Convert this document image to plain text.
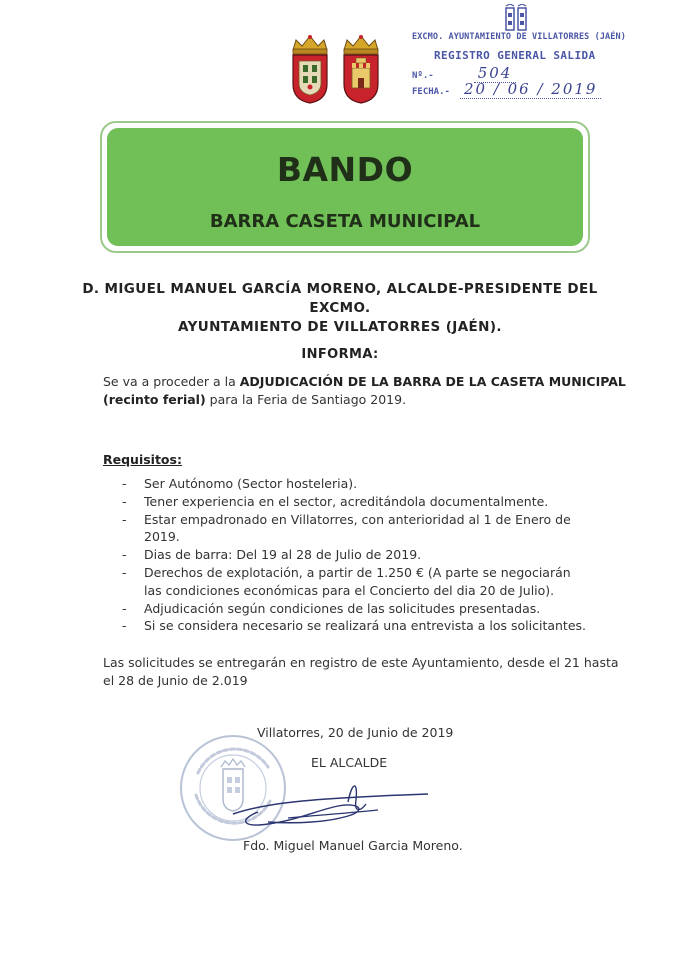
EXCMO. AYUNTAMIENTO DE VILLATORRES (JAÉN)
REGISTRO GENERAL SALIDA
Nº.-	504
FECHA.- 20 / 06 / 2019
BANDO
BARRA CASETA MUNICIPAL
D. MIGUEL MANUEL GARCÍA MORENO, ALCALDE-PRESIDENTE DEL EXCMO.
AYUNTAMIENTO DE VILLATORRES (JAÉN).
INFORMA:
Se va a proceder a la ADJUDICACIÓN DE LA BARRA DE LA CASETA MUNICIPAL
(recinto ferial) para la Feria de Santiago 2019.
Requisitos:
- Ser Autónomo (Sector hosteleria).
- Tener experiencia en el sector, acreditándola documentalmente.
- Estar empadronado en Villatorres, con anterioridad al 1 de Enero de 2019.
- Dias de barra: Del 19 al 28 de Julio de 2019.
- Derechos de explotación, a partir de 1.250 € (A parte se negociarán las condiciones económicas para el Concierto del dia 20 de Julio).
- Adjudicación según condiciones de las solicitudes presentadas.
- Si se considera necesario se realizará una entrevista a los solicitantes.
Las solicitudes se entregarán en registro de este Ayuntamiento, desde el 21 hasta
el 28 de Junio de 2.019
Villatorres, 20 de Junio de 2019
EL ALCALDE
Fdo. Miguel Manuel Garcia Moreno.
